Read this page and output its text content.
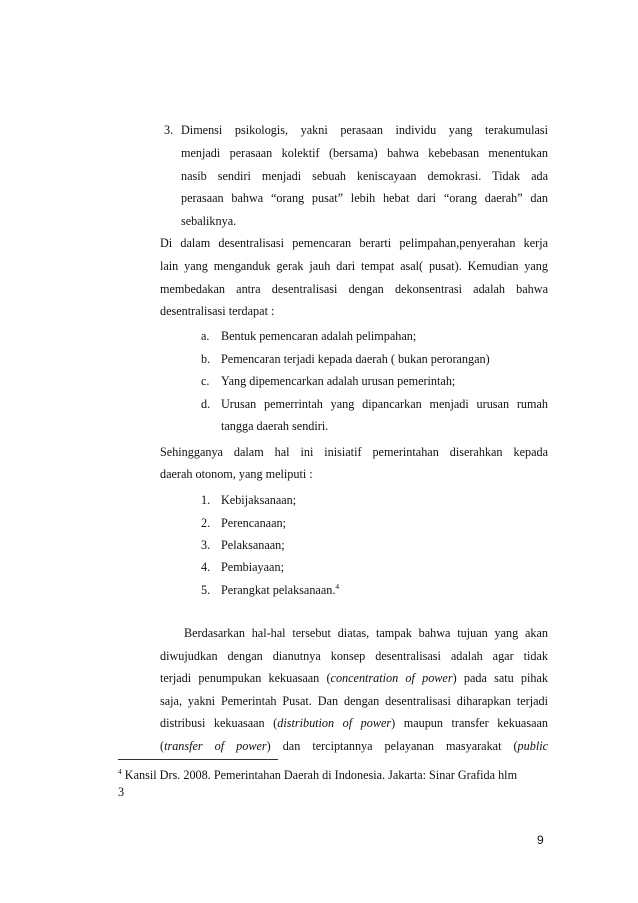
3. Dimensi psikologis, yakni perasaan individu yang terakumulasi
menjadi perasaan kolektif (bersama) bahwa kebebasan menentukan
nasib sendiri menjadi sebuah keniscayaan demokrasi. Tidak ada
perasaan bahwa “orang pusat” lebih hebat dari “orang daerah” dan
sebaliknya.
Di dalam desentralisasi pemencaran berarti pelimpahan,penyerahan kerja
lain yang menganduk gerak jauh dari tempat asal( pusat). Kemudian yang
membedakan antra desentralisasi dengan dekonsentrasi adalah bahwa
desentralisasi terdapat :
a. Bentuk pemencaran adalah pelimpahan;
b. Pemencaran terjadi kepada daerah ( bukan perorangan)
c. Yang dipemencarkan adalah urusan pemerintah;
d. Urusan pemerrintah yang dipancarkan menjadi urusan rumah
tangga daerah sendiri.
Sehingganya dalam hal ini inisiatif pemerintahan diserahkan kepada
daerah otonom, yang meliputi :
1. Kebijaksanaan;
2. Perencanaan;
3. Pelaksanaan;
4. Pembiayaan;
5. Perangkat pelaksanaan.$^4$
Berdasarkan hal-hal tersebut diatas, tampak bahwa tujuan yang akan
diwujudkan dengan dianutnya konsep desentralisasi adalah agar tidak
terjadi penumpukan kekuasaan (concentration of power) pada satu pihak
saja, yakni Pemerintah Pusat. Dan dengan desentralisasi diharapkan terjadi
distribusi kekuasaan (distribution of power) maupun transfer kekuasaan
(transfer of power) dan terciptannya pelayanan masyarakat (public
$^4$ Kansil Drs. 2008. Pemerintahan Daerah di Indonesia. Jakarta: Sinar Grafida hlm
3
9
